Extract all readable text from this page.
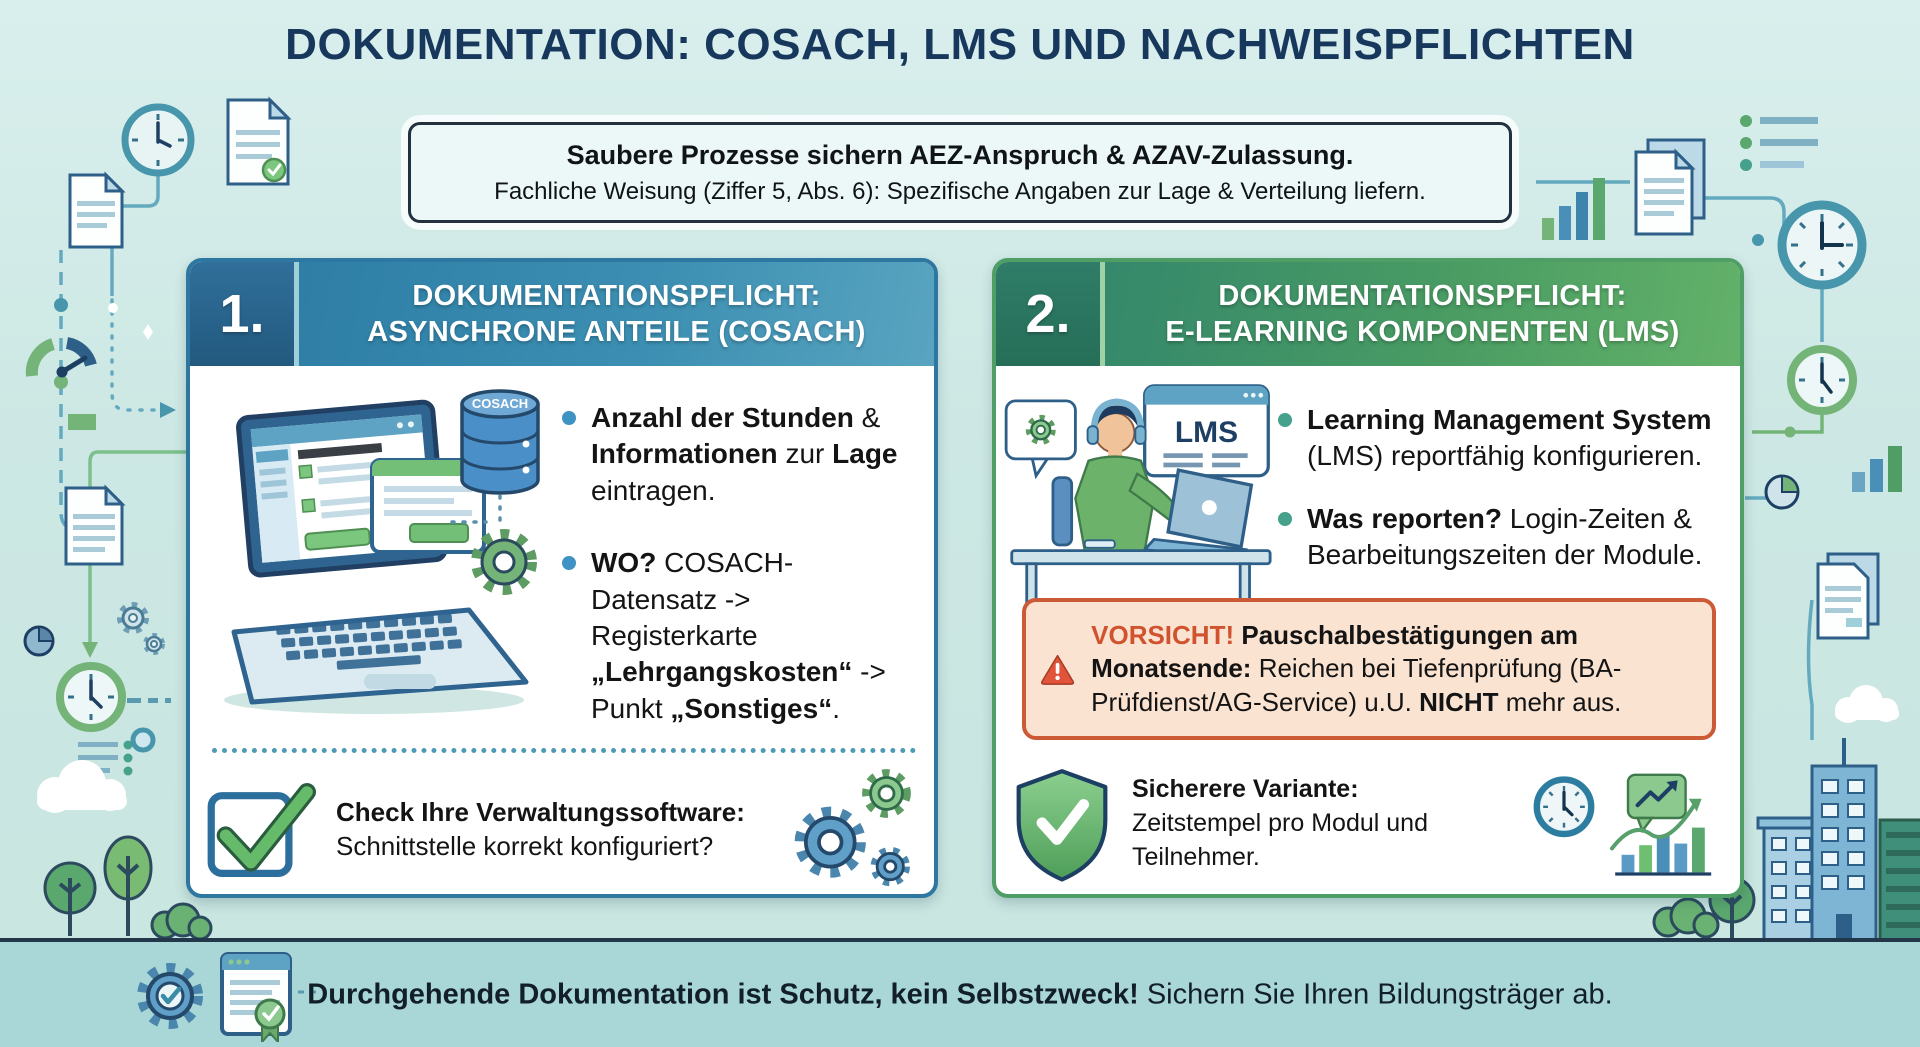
DOKUMENTATION: COSACH, LMS UND NACHWEISPFLICHTEN
Saubere Prozesse sichern AEZ-Anspruch & AZAV-Zulassung.
Fachliche Weisung (Ziffer 5, Abs. 6): Spezifische Angaben zur Lage & Verteilung liefern.
1.	DOKUMENTATIONSPFLICHT:
ASYNCHRONE ANTEILE (COSACH)
COSACH Anzahl der Stunden & Informationen zur Lage eintragen.

WO? COSACH-Datensatz -> Registerkarte „Lehrgangskosten“ -> Punkt „Sonstiges“.

Check Ihre Verwaltungssoftware:
Schnittstelle korrekt konfiguriert?

2.	DOKUMENTATIONSPFLICHT:
E-LEARNING KOMPONENTEN (LMS)
LMS Learning Management System (LMS) reportfähig konfigurieren.

Was reporten? Login-Zeiten & Bearbeitungszeiten der Module.

VORSICHT! Pauschalbestätigungen am Monatsende: Reichen bei Tiefenprüfung (BA-Prüfdienst/AG-Service) u.U. NICHT mehr aus.

Sicherere Variante: Zeitstempel pro Modul und Teilnehmer.

Durchgehende Dokumentation ist Schutz, kein Selbstzweck! Sichern Sie Ihren Bildungsträger ab.
